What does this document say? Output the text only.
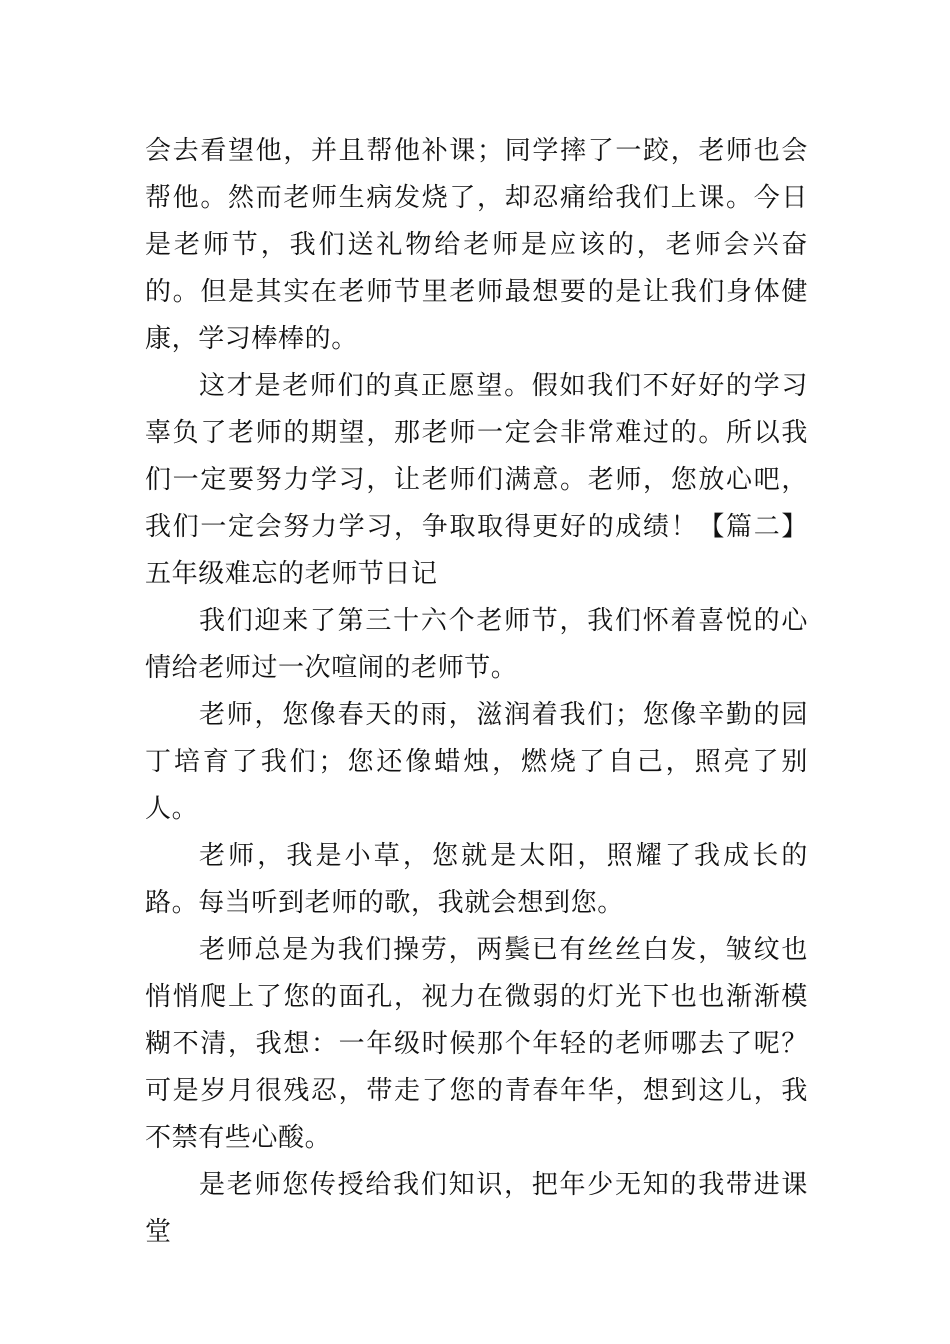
会去看望他，并且帮他补课；同学摔了一跤，老师也会帮他。然而老师生病发烧了，却忍痛给我们上课。今日是老师节，我们送礼物给老师是应该的，老师会兴奋的。但是其实在老师节里老师最想要的是让我们身体健康，学习棒棒的。

这才是老师们的真正愿望。假如我们不好好的学习辜负了老师的期望，那老师一定会非常难过的。所以我们一定要努力学习，让老师们满意。老师，您放心吧，我们一定会努力学习，争取取得更好的成绩！【篇二】五年级难忘的老师节日记

我们迎来了第三十六个老师节，我们怀着喜悦的心情给老师过一次喧闹的老师节。

老师，您像春天的雨，滋润着我们；您像辛勤的园丁培育了我们；您还像蜡烛，燃烧了自己，照亮了别人。

老师，我是小草，您就是太阳，照耀了我成长的路。每当听到老师的歌，我就会想到您。

老师总是为我们操劳，两鬓已有丝丝白发，皱纹也悄悄爬上了您的面孔，视力在微弱的灯光下也也渐渐模糊不清，我想：一年级时候那个年轻的老师哪去了呢？可是岁月很残忍，带走了您的青春年华，想到这儿，我不禁有些心酸。

是老师您传授给我们知识，把年少无知的我带进课堂
